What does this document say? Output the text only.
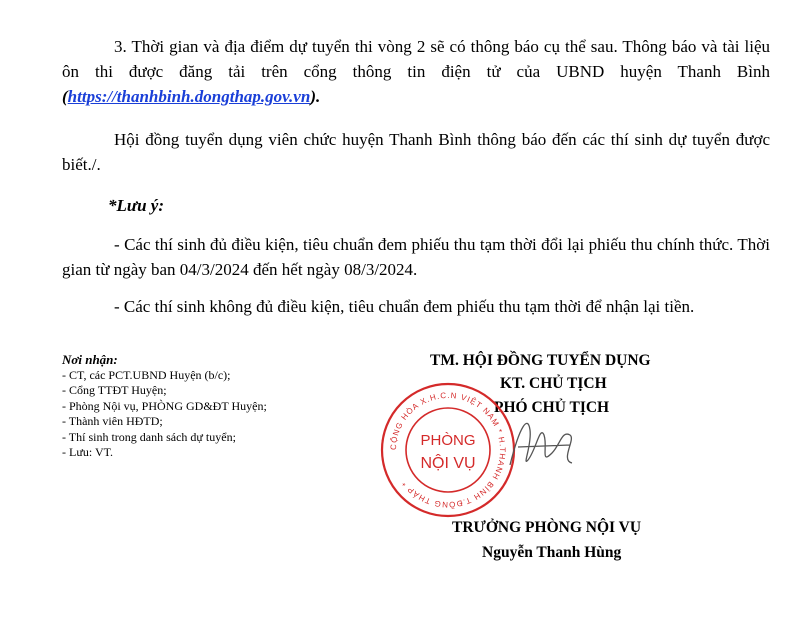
3. Thời gian và địa điểm dự tuyển thi vòng 2 sẽ có thông báo cụ thể sau. Thông báo và tài liệu ôn thi được đăng tải trên cổng thông tin điện tử của UBND huyện Thanh Bình (https://thanhbinh.dongthap.gov.vn).

Hội đồng tuyển dụng viên chức huyện Thanh Bình thông báo đến các thí sinh dự tuyển được biết./.

*Lưu ý:

- Các thí sinh đủ điều kiện, tiêu chuẩn đem phiếu thu tạm thời đổi lại phiếu thu chính thức. Thời gian từ ngày ban 04/3/2024 đến hết ngày 08/3/2024.

- Các thí sinh không đủ điều kiện, tiêu chuẩn đem phiếu thu tạm thời để nhận lại tiền.

Nơi nhận:
- CT, các PCT.UBND Huyện (b/c);
- Cổng TTĐT Huyện;
- Phòng Nội vụ, PHÒNG GD&ĐT Huyện;
- Thành viên HĐTD;
- Thí sinh trong danh sách dự tuyển;
- Lưu: VT.
TM. HỘI ĐỒNG TUYỂN DỤNG
KT. CHỦ TỊCH
PHÓ CHỦ TỊCH
CỘNG HÒA X.H.C.N VIỆT NAM * H.THANH BÌNH T.ĐỒNG THÁP *
PHÒNG
NỘI VỤ
TRƯỞNG PHÒNG NỘI VỤ
Nguyễn Thanh Hùng
